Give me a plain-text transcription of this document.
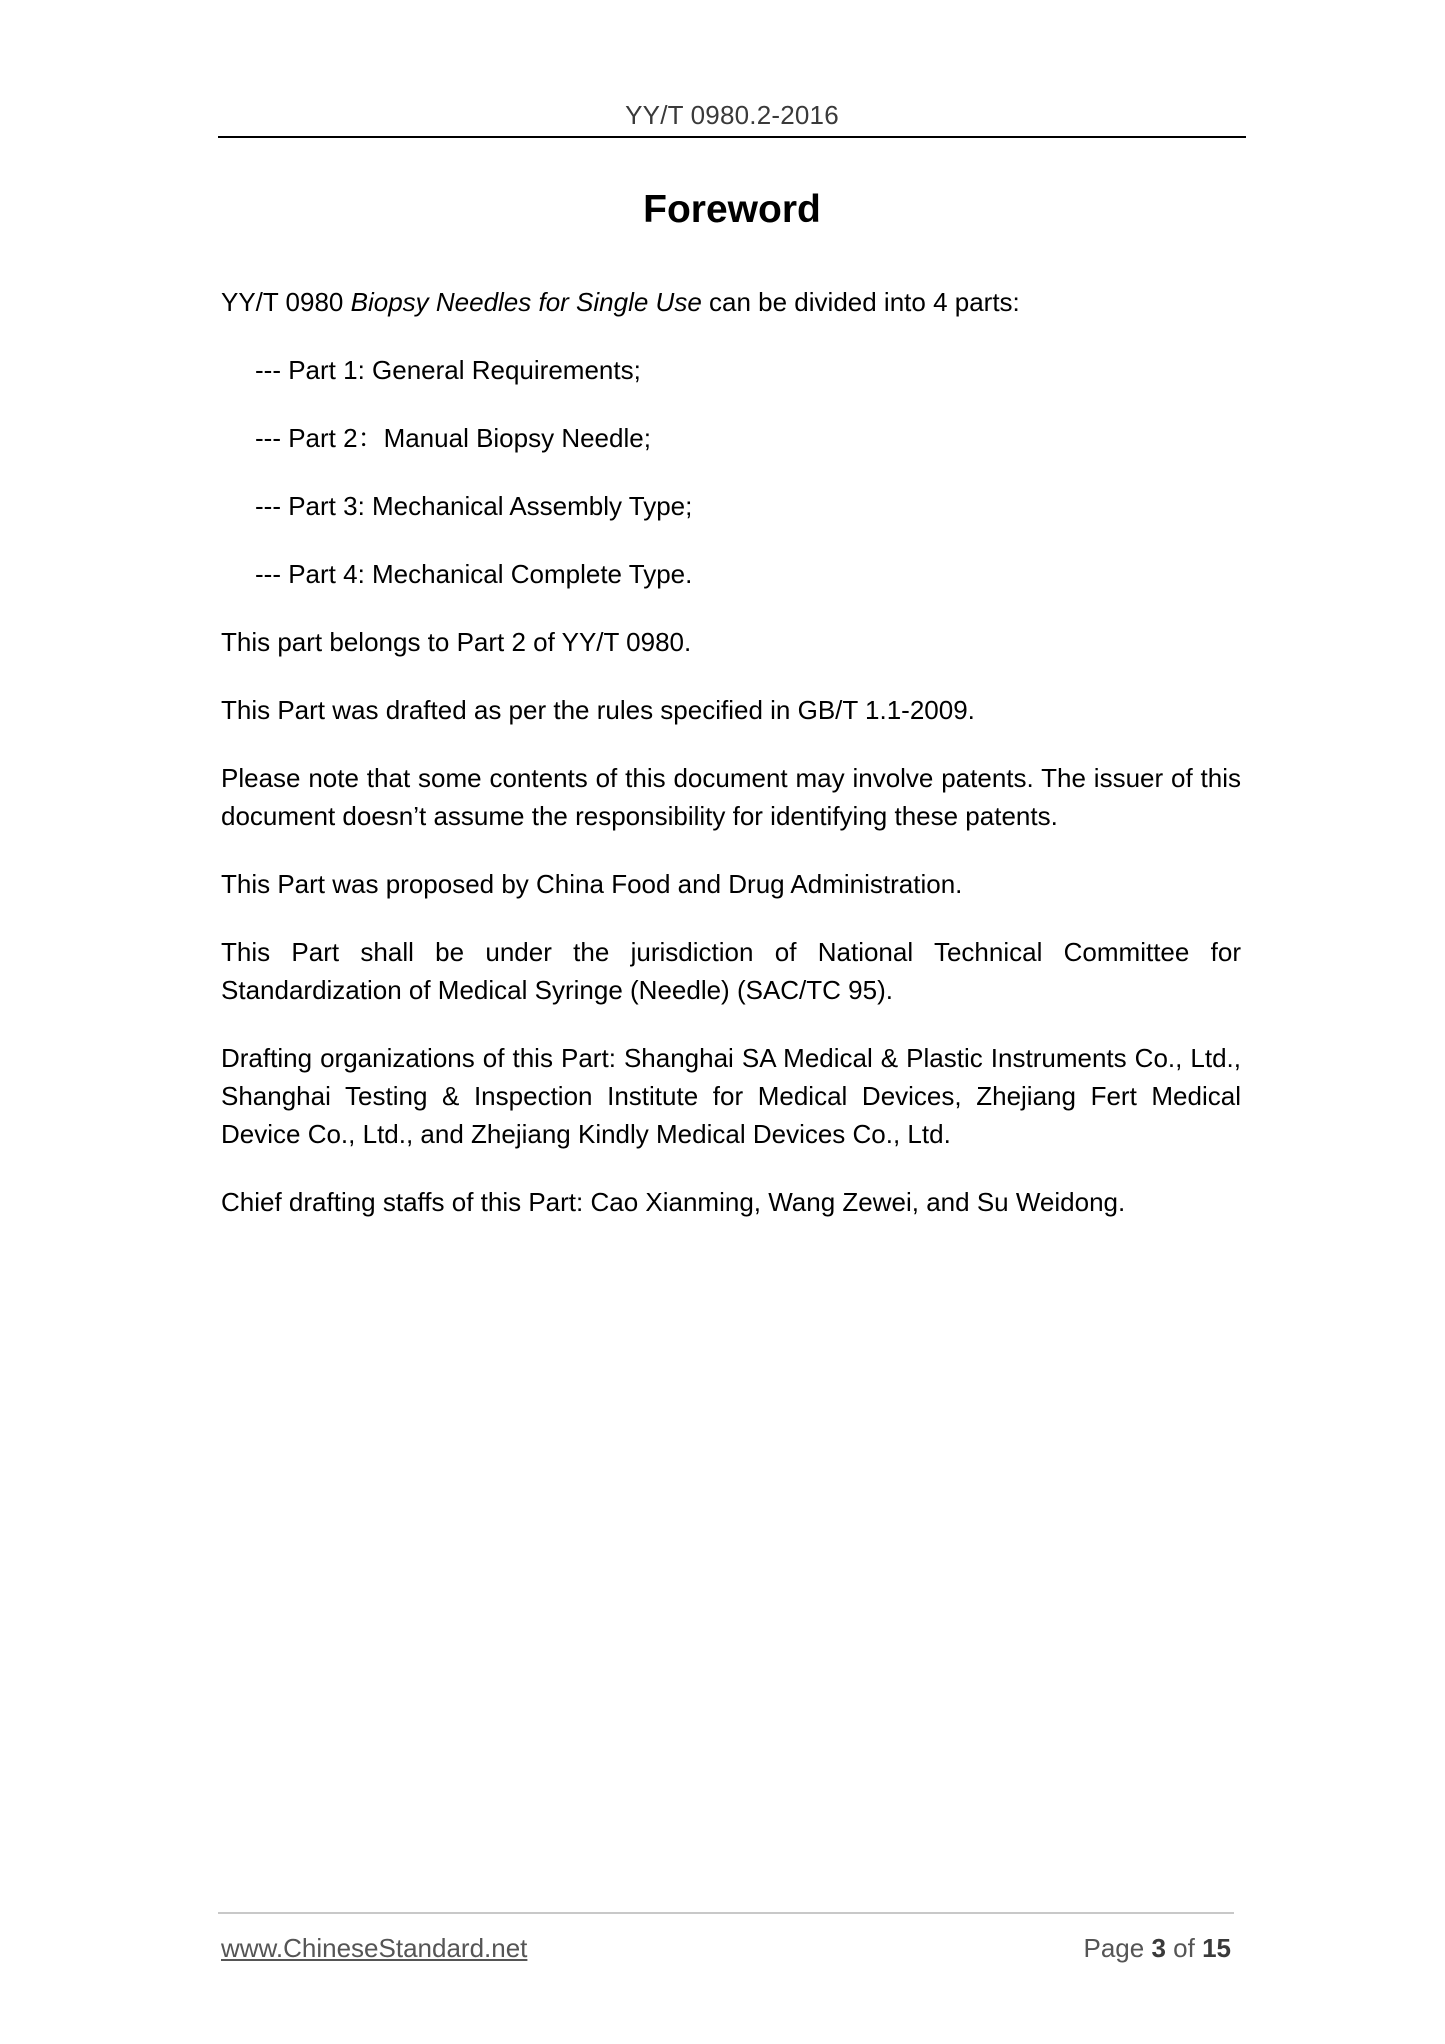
YY/T 0980.2-2016
Foreword

YY/T 0980 Biopsy Needles for Single Use can be divided into 4 parts:

--- Part 1: General Requirements;
--- Part 2：Manual Biopsy Needle;
--- Part 3: Mechanical Assembly Type;
--- Part 4: Mechanical Complete Type.

This part belongs to Part 2 of YY/T 0980.

This Part was drafted as per the rules specified in GB/T 1.1-2009.

Please note that some contents of this document may involve patents. The issuer of this document doesn’t assume the responsibility for identifying these patents.

This Part was proposed by China Food and Drug Administration.

This Part shall be under the jurisdiction of National Technical Committee for Standardization of Medical Syringe (Needle) (SAC/TC 95).

Drafting organizations of this Part: Shanghai SA Medical & Plastic Instruments Co., Ltd., Shanghai Testing & Inspection Institute for Medical Devices, Zhejiang Fert Medical Device Co., Ltd., and Zhejiang Kindly Medical Devices Co., Ltd.

Chief drafting staffs of this Part: Cao Xianming, Wang Zewei, and Su Weidong.

www.ChineseStandard.net	Page 3 of 15
